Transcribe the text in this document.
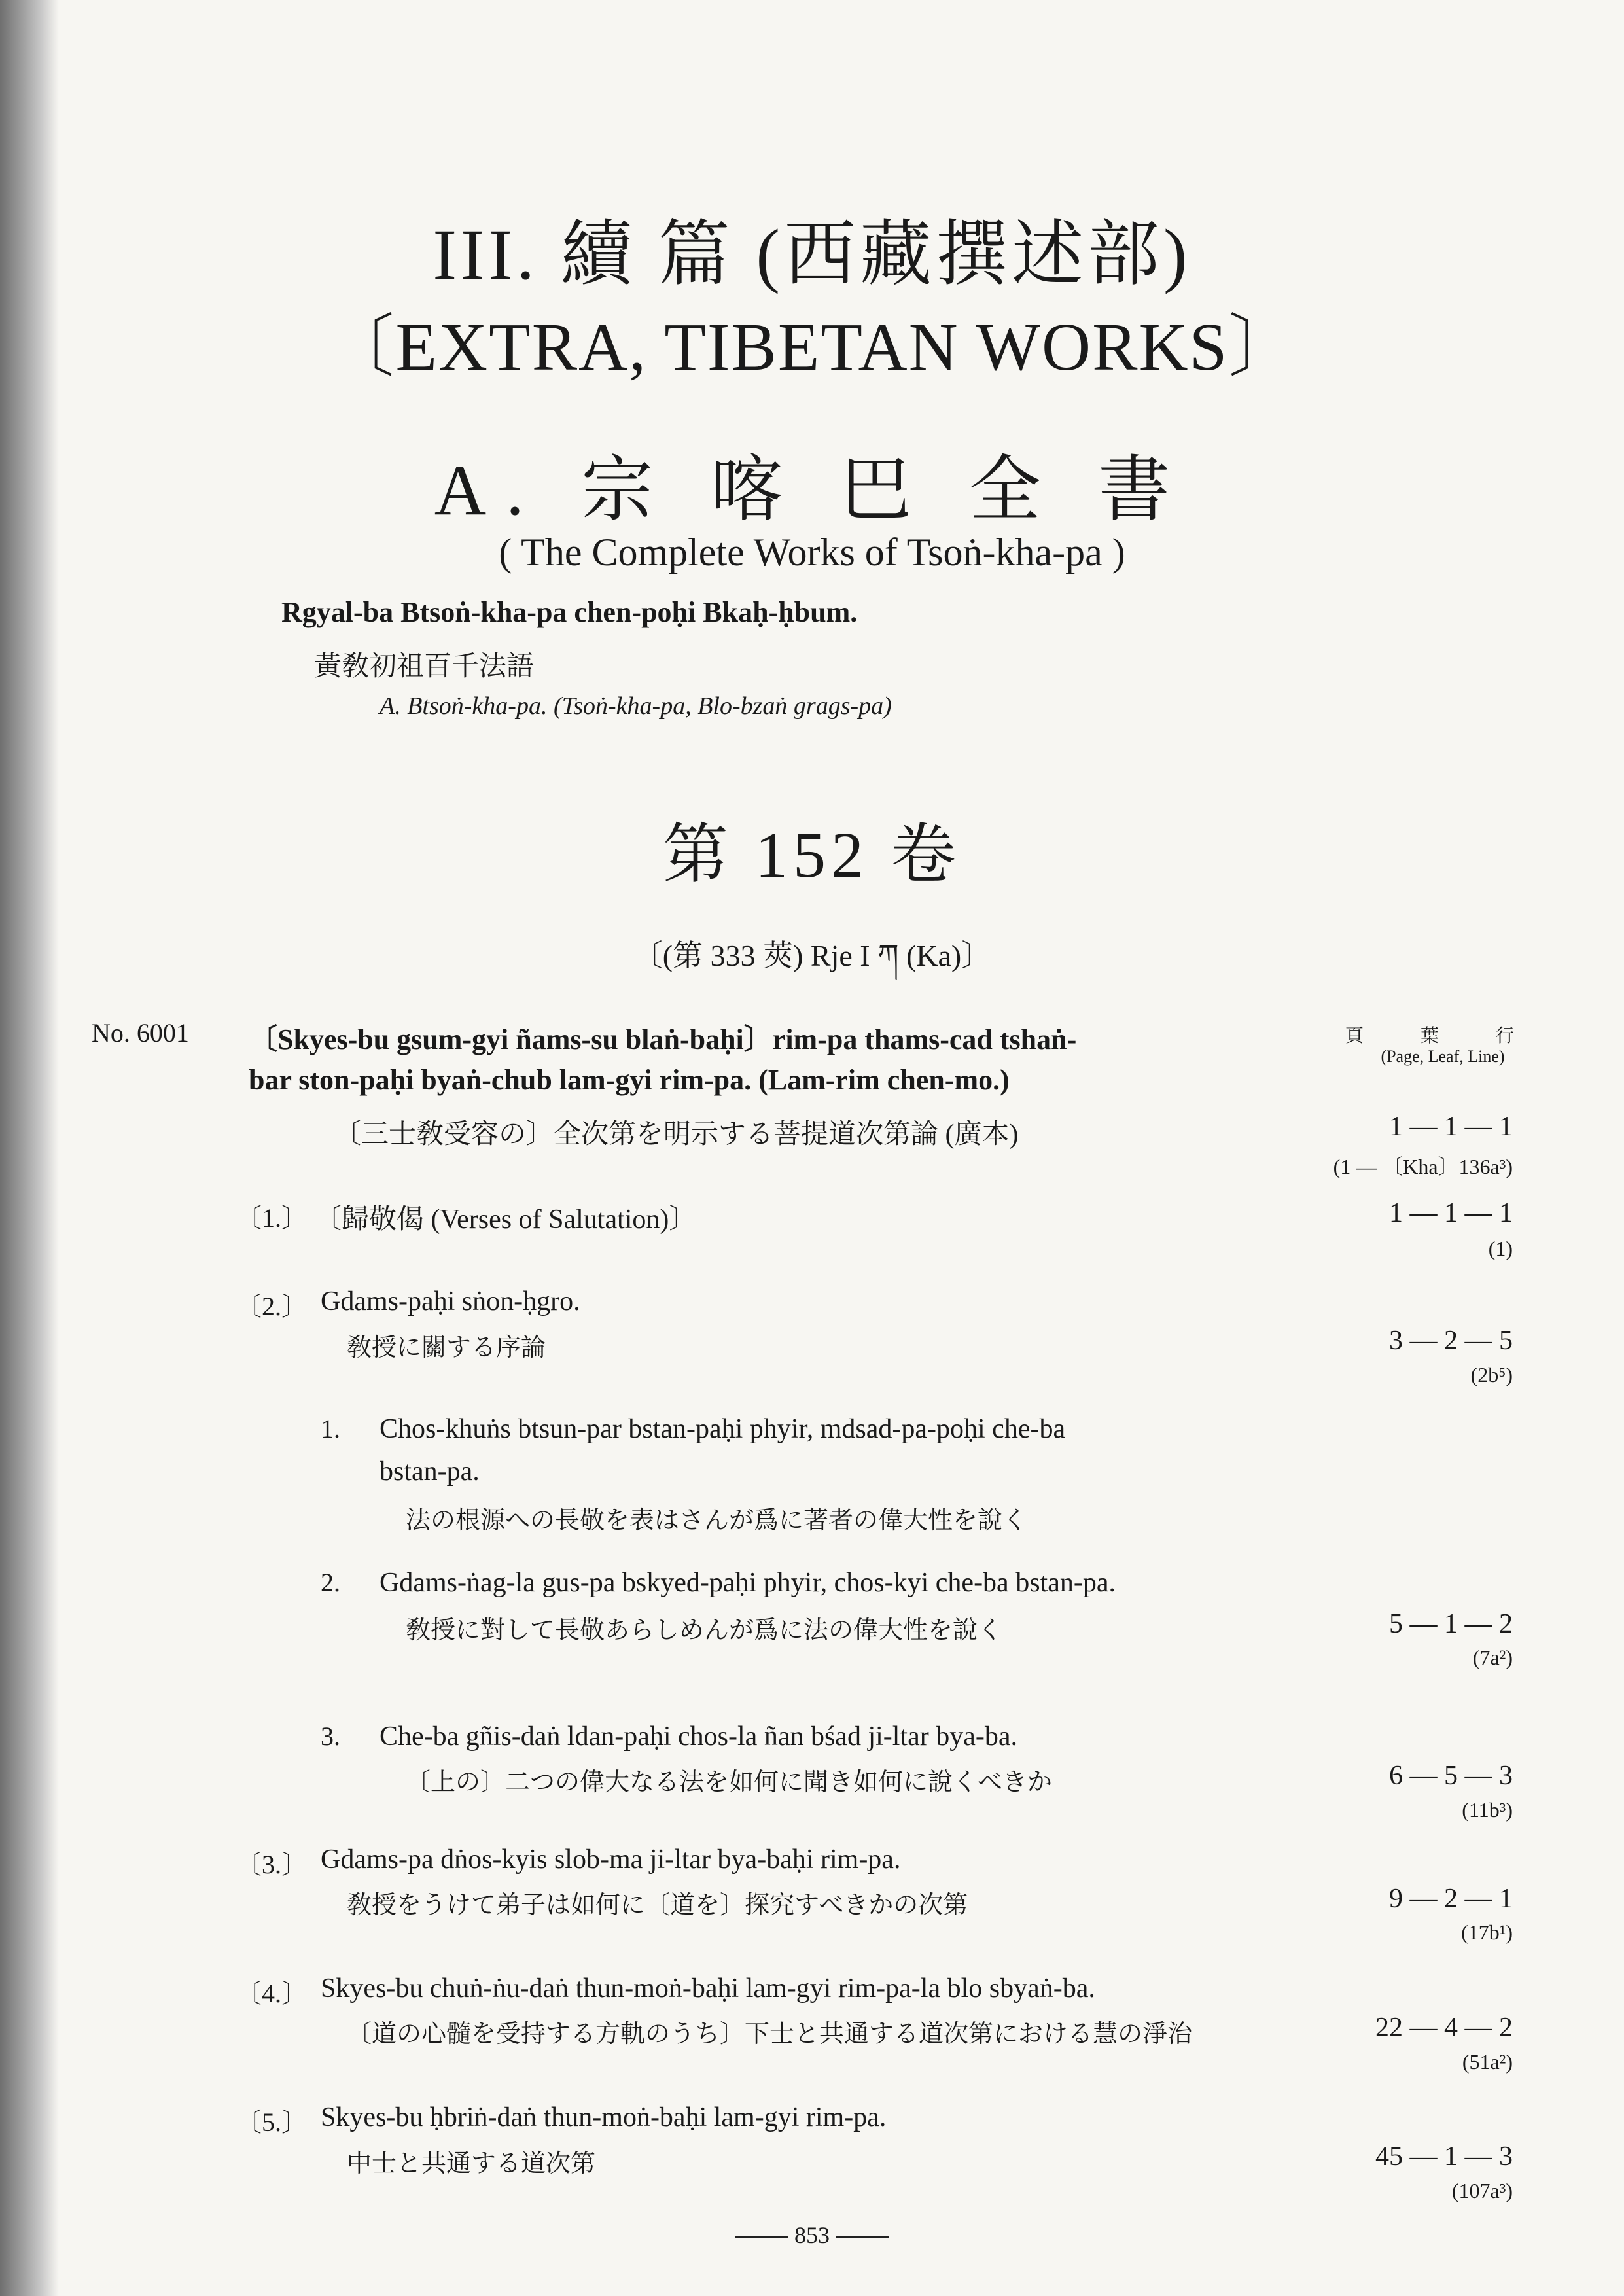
III. 續 篇 (西藏撰述部)
〔EXTRA, TIBETAN WORKS〕
A. 宗 喀 巴 全 書
( The Complete Works of Tsoṅ-kha-pa )
Rgyal-ba Btsoṅ-kha-pa chen-poḥi Bkaḥ-ḥbum.
黃敎初祖百千法語
A. Btsoṅ-kha-pa. (Tsoṅ-kha-pa, Blo-bzaṅ grags-pa)
第 152 卷
〔(第 333 莢) Rje I ཀ (Ka)〕
No. 6001 〔Skyes-bu gsum-gyi ñams-su blaṅ-baḥi〕rim-pa thams-cad tshaṅ-
bar ston-paḥi byaṅ-chub lam-gyi rim-pa. (Lam-rim chen-mo.)
頁 葉 行
(Page, Leaf, Line)
〔三士敎受容の〕全次第を明示する菩提道次第論 (廣本)	1 — 1 — 1
(1 — 〔Kha〕136a³)
〔1.〕 〔歸敬偈 (Verses of Salutation)〕	1 — 1 — 1
(1)
〔2.〕 Gdams-paḥi sṅon-ḥgro.
敎授に關する序論	3 — 2 — 5
(2b⁵)
1. Chos-khuṅs btsun-par bstan-paḥi phyir, mdsad-pa-poḥi che-ba
bstan-pa.
法の根源への長敬を表はさんが爲に著者の偉大性を說く
2. Gdams-ṅag-la gus-pa bskyed-paḥi phyir, chos-kyi che-ba bstan-pa.
敎授に對して長敬あらしめんが爲に法の偉大性を說く	5 — 1 — 2
(7a²)
3. Che-ba gñis-daṅ ldan-paḥi chos-la ñan bśad ji-ltar bya-ba.
〔上の〕二つの偉大なる法を如何に聞き如何に說くべきか	6 — 5 — 3
(11b³)
〔3.〕 Gdams-pa dṅos-kyis slob-ma ji-ltar bya-baḥi rim-pa.
敎授をうけて弟子は如何に〔道を〕探究すべきかの次第	9 — 2 — 1
(17b¹)
〔4.〕 Skyes-bu chuṅ-ṅu-daṅ thun-moṅ-baḥi lam-gyi rim-pa-la blo sbyaṅ-ba.
〔道の心髓を受持する方軌のうち〕下士と共通する道次第における慧の淨治	22 — 4 — 2
(51a²)
〔5.〕 Skyes-bu ḥbriṅ-daṅ thun-moṅ-baḥi lam-gyi rim-pa.
中士と共通する道次第	45 — 1 — 3
(107a³)
853
